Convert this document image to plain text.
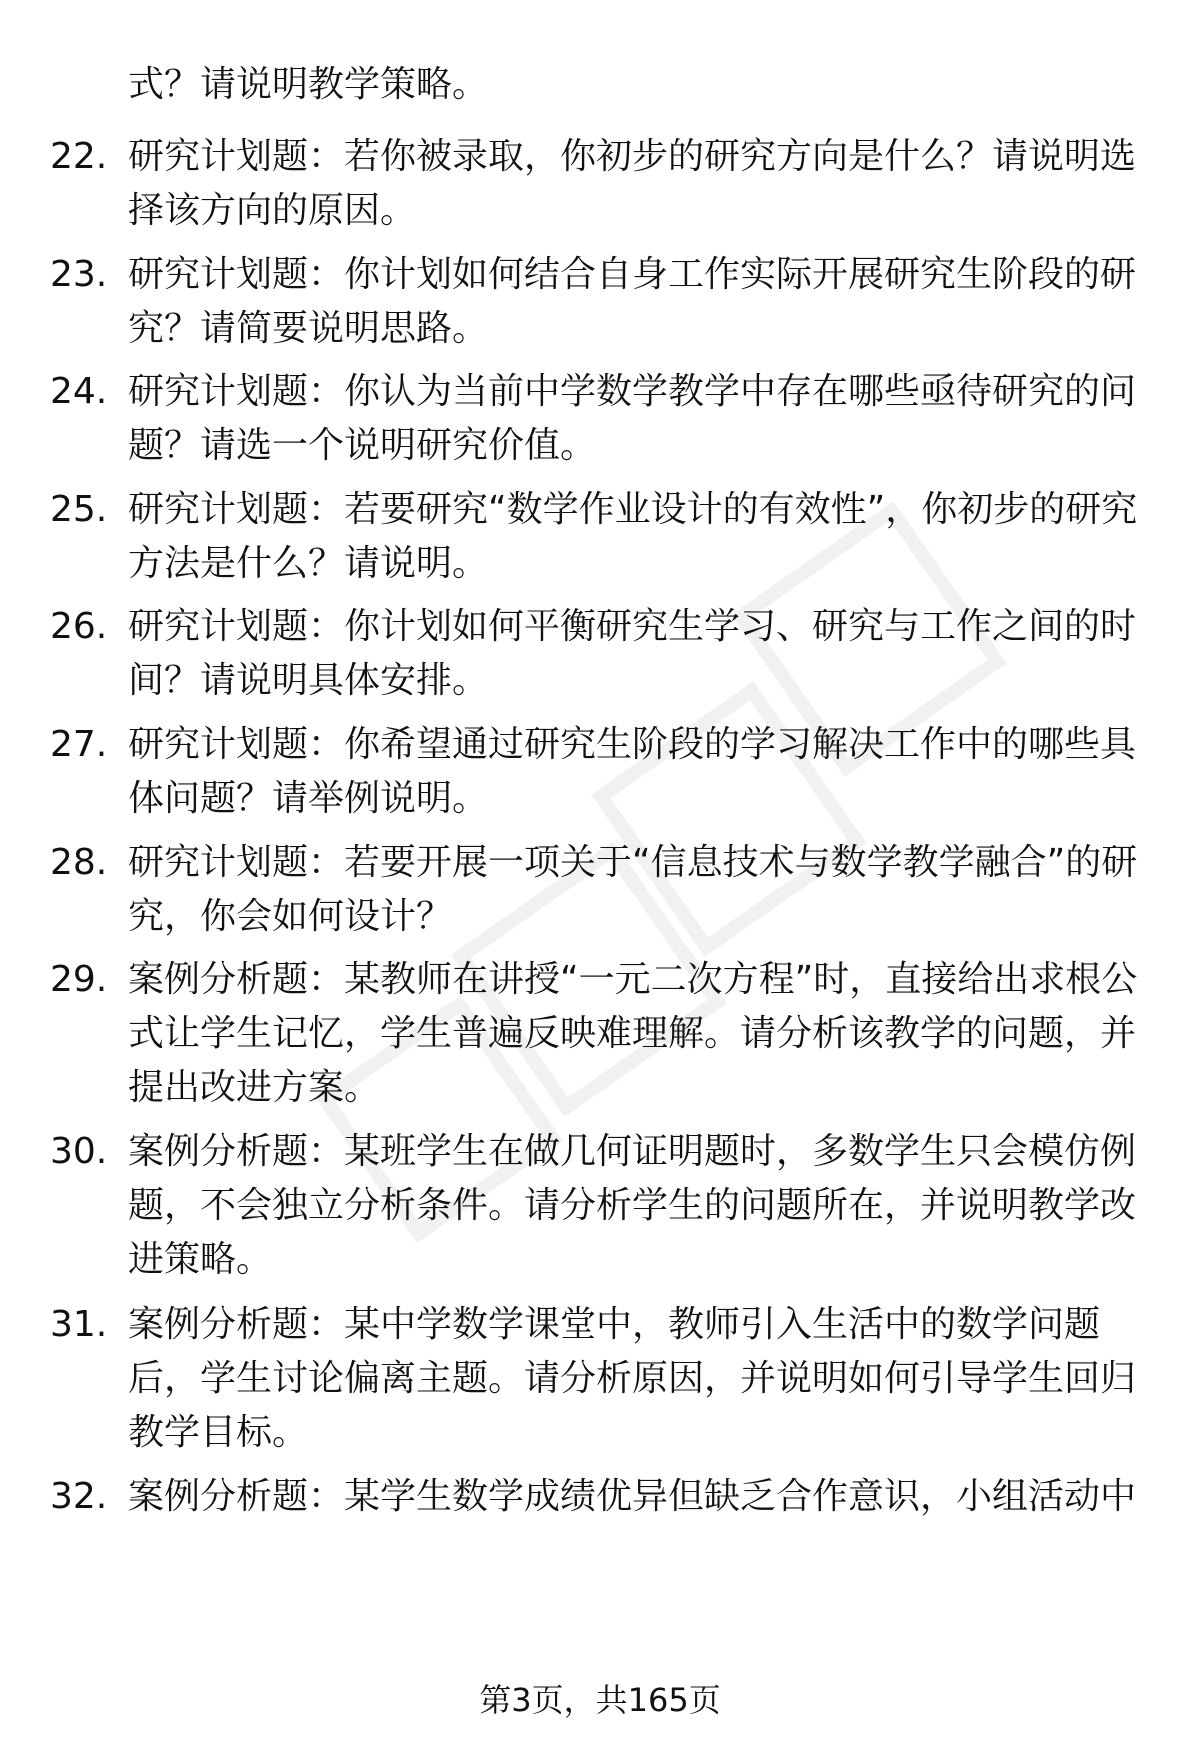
式？请说明教学策略。
22. 研究计划题：若你被录取，你初步的研究方向是什么？请说明选择该方向的原因。
23. 研究计划题：你计划如何结合自身工作实际开展研究生阶段的研究？请简要说明思路。
24. 研究计划题：你认为当前中学数学教学中存在哪些亟待研究的问题？请选一个说明研究价值。
25. 研究计划题：若要研究“数学作业设计的有效性”，你初步的研究方法是什么？请说明。
26. 研究计划题：你计划如何平衡研究生学习、研究与工作之间的时间？请说明具体安排。
27. 研究计划题：你希望通过研究生阶段的学习解决工作中的哪些具体问题？请举例说明。
28. 研究计划题：若要开展一项关于“信息技术与数学教学融合”的研究，你会如何设计？
29. 案例分析题：某教师在讲授“一元二次方程”时，直接给出求根公式让学生记忆，学生普遍反映难理解。请分析该教学的问题，并提出改进方案。
30. 案例分析题：某班学生在做几何证明题时，多数学生只会模仿例题，不会独立分析条件。请分析学生的问题所在，并说明教学改进策略。
31. 案例分析题：某中学数学课堂中，教师引入生活中的数学问题后，学生讨论偏离主题。请分析原因，并说明如何引导学生回归教学目标。
32. 案例分析题：某学生数学成绩优异但缺乏合作意识，小组活动中
第3页，共165页
